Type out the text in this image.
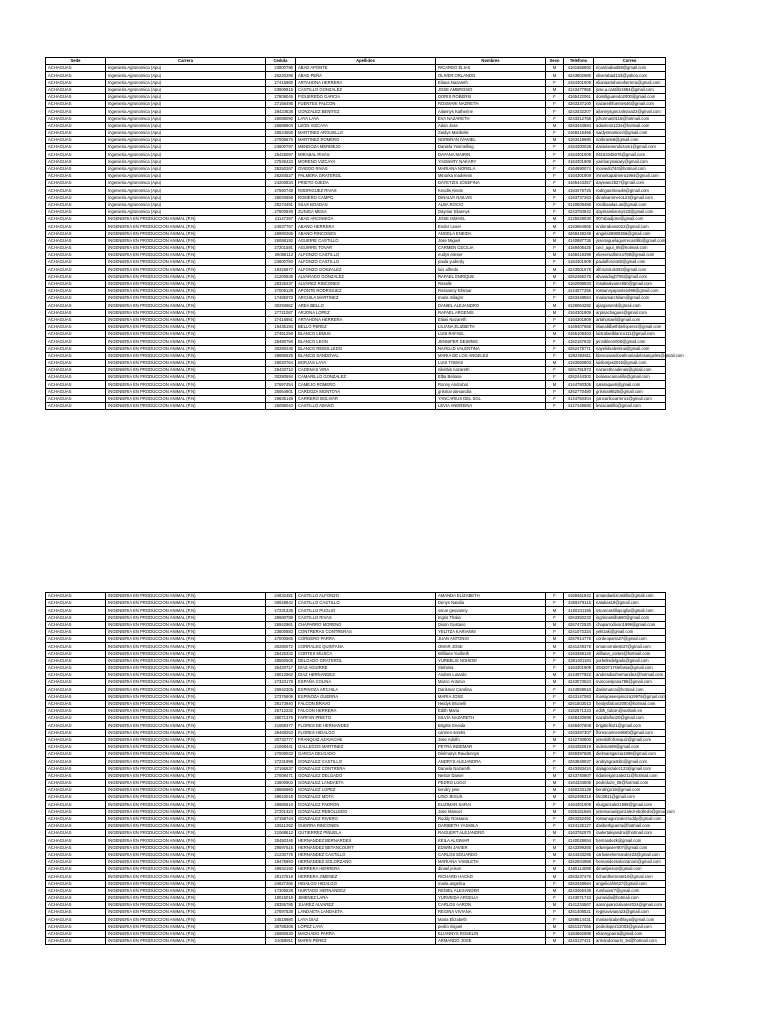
Sede	Carrera	Cedula	Apellidos	Nombres	Sexo	Telefono	Correo
ACHAGUAS	Ingenieria Agronomica (Apu)	23800795	ABAD APONTE	RICARDO ELIAS	M	4161556892	ricardoabad89@gmail.com
ACHAGUAS	Ingenieria Agronomica (Apu)	26220296	ABAD PEÑA	OLIVER ORLANDO	M	4243802985	oliverabad133@yahoo.com
ACHAGUAS	Ingenieria Agronomica (Apu)	27416980	ARTAHONA HERRERA	Eliana Nazareth	F	4164301909	elianaartahonaherrera@gmail.com
ACHAGUAS	Ingenieria Agronomica (Apu)	23600815	CASTILLO GONZALEZ	JOSE AMBROSIO	M	4143477955	jose.a.castillo1994@gmail.com
ACHAGUAS	Ingenieria Agronomica (Apu)	27808045	FIGUEREDO GARCIA	DORIS ROBERSI	F	4165422061	dorisfiguaredo2000@gmail.com
ACHAGUAS	Ingenieria Agronomica (Apu)	27156495	FUENTES FALCON	ROSMARI NAZRETH	F	4263337100	nazarethfuentes46@gmail.com
ACHAGUAS	Ingenieria Agronomica (Apu)	28423638	GONZALEZ BENITEZ	Ailannys Katherine	F	4243432207	ailannysgonzalezaa22@gmail.com
ACHAGUAS	Ingenieria Agronomica (Apu)	26088090	LAYA LAYA	EVA NAZARETH	F	4243312768	jchorman0115@hotmail.com
ACHAGUAS	Ingenieria Agronomica (Apu)	25888804	LEON VIZCAYA	Adan Jose	M	4263444884	adanleon1234@hotmail.com
ACHAGUAS	Ingenieria Agronomica (Apu)	25524556	MARTINEZ ARGUELLO	Saidys Maribelis	F	4168415465	saidysmartinez@gmail.com
ACHAGUAS	Ingenieria Agronomica (Apu)	27006675	MARTINEZ ROMERO	NORBRAN IVANIEL	M	4163418680	norbran68@gmail.com
ACHAGUAS	Ingenieria Agronomica (Apu)	23600797	MENDOZA MERMEJO	Daniela Yusmelling	F	4164300028	danielamendozam1@gmail.com
ACHAGUAS	Ingenieria Agronomica (Apu)	25426097	MIRABAL RIVAS	DAYANA MAIRIN	F	4164301909	04163345076@gmail.com
ACHAGUAS	Ingenieria Agronomica (Apu)	27526423	MORENO VIZCAYA	YASMARY NAKARY	F	4164301909	yasmarynakary@gmail.com
ACHAGUAS	Ingenieria Agronomica (Apu)	25250267	OVIEDO RIVAS	MARIANA NORELA	F	4164690074	moviedo740@hotmail.com
ACHAGUAS	Ingenieria Agronomica (Apu)	26284527	PALMERA GRATEROL	Minorka madeleini	F	4164301909	minorkapalmera1994@gmail.com
ACHAGUAS	Ingenieria Agronomica (Apu)	24200834	PRIETO OJEDA	DAYETZIS JOSEFINA	F	4165443357	dayewin2527@gmail.com
ACHAGUAS	Ingenieria Agronomica (Apu)	27560748	RODRIGUEZ RIVAS	Keudis Alexis	M	4163475725	rodriguezkeudis@gmail.com
ACHAGUAS	Ingenieria Agronomica (Apu)	28020656	ROMERO CAMPO	DINALVA NAILVIS	F	4163737263	dinalvaromero123@gmail.com
ACHAGUAS	Ingenieria Agronomica (Apu)	28274491	SILVA BOADAS	ALBA ROCIO	F	4140509486	rociiboadas.as@gmail.com
ACHAGUAS	Ingenieria Agronomica (Apu)	27800849	ZUNIGA MESA	Daymar Eliannys	F	4243784842	daymareliannys23@gmail.com
ACHAGUAS	INGENIERIA EN PRODUCCION ANIMAL (P.N)	21147287	ABAD ARCINIEGA	JOSE ISMAEL	M	4125028030	007abadjose@gmail.com
ACHAGUAS	INGENIERIA EN PRODUCCION ANIMAL (P.N)	24937767	ABANO HERRERA	Ender Leoer	M	4163664665	enderabano022@gmail.com
ACHAGUAS	INGENIERIA EN PRODUCCION ANIMAL (P.N)	26980266	ABANO RINCONES	ANGELA ENEIDA	F	4268449249	angela26980266@gmail.com
ACHAGUAS	INGENIERIA EN PRODUCCION ANIMAL (P.N)	26088192	AGUIRRE CASTILLO	Jose Miguel	M	4140887736	josemiguelaguirrecastillo@gmail.com
ACHAGUAS	INGENIERIA EN PRODUCCION ANIMAL (P.N)	27201591	AGUIRRE TOVAR	CARMEN CECILIA	F	4169405426	ceci_agui_95@hotmail.com
ACHAGUAS	INGENIERIA EN PRODUCCION ANIMAL (P.N)	26088113	ALFONZO CASTILLO	eudys elieser	M	4168419399	eliesersalfonzo789@gmail.com
ACHAGUAS	INGENIERIA EN PRODUCCION ANIMAL (P.N)	23600750	ALFONZO CASTILLO	paula yuderdy	F	4164301909	paulalfonzo60@gmail.com
ACHAGUAS	INGENIERIA EN PRODUCCION ANIMAL (P.N)	19326877	ALFONZO GONZALEZ	luis alfredo	M	4243501678	alfonzoluis392@gmail.com
ACHAGUAS	INGENIERIA EN PRODUCCION ANIMAL (P.N)	21200535	ALVARADO GONZALEZ	RAFAEL ENRIQUE	M	4262455275	alvaradog0705@gmail.com
ACHAGUAS	INGENIERIA EN PRODUCCION ANIMAL (P.N)	28326437	ALVAREZ RINCONES	Rosalis	F	4162099933	rosalisalvarez850@gmail.com
ACHAGUAS	INGENIERIA EN PRODUCCION ANIMAL (P.N)	27009129	APONTE RODRIGUEZ	Rossanny Elismar	F	4144577256	rossannyaponte1998@gmail.com
ACHAGUAS	INGENIERIA EN PRODUCCION ANIMAL (P.N)	17485073	ARCHILA MARTINEZ	maria milagro	F	4263448564	mariamarchilam@gmail.com
ACHAGUAS	INGENIERIA EN PRODUCCION ANIMAL (P.N)	30293662	AREA BELLO	DANIEL ALEJANDRO	M	4126064282	ajargamerd@gmail.com
ACHAGUAS	INGENIERIA EN PRODUCCION ANIMAL (P.N)	27721087	ARJONA LOPEZ	RAFAEL ARGENIS	M	4164301909	arjonachagues@gmail.com
ACHAGUAS	INGENIERIA EN PRODUCCION ANIMAL (P.N)	27416981	ARTAHONA HERRERA	Eliani Nazareth	F	4164301909	artahonaeli@gmail.com
ACHAGUAS	INGENIERIA EN PRODUCCION ANIMAL (P.N)	19436194	BELLO PEREZ	LILIANA ELIZBETH	F	4169407568	lilianalilibethbelloperez@gmail.com
ACHAGUAS	INGENIERIA EN PRODUCCION ANIMAL (P.N)	27461256	BLANCO LEMUS	LUIS RAFAEL	M	4165109403	luisrafaelblanco111@gmail.com
ACHAGUAS	INGENIERIA EN PRODUCCION ANIMAL (P.N)	28480756	BLANCO LEON	JENNIFER DESIREE	F	4162167632	jennibleon008@gmail.com
ACHAGUAS	INGENIERIA EN PRODUCCION ANIMAL (P.N)	30280236	BLANCO REBOLLEDO	NAYELID VALENTINA	F	4262478771	nayelidvalentina@gmail.com
ACHAGUAS	INGENIERIA EN PRODUCCION ANIMAL (P.N)	28680625	BLANCO SANDOVAL	MARIA DE LOS ANGELES	F	4262494811	blancosandovalmariadelosangeles@gmail.com
ACHAGUAS	INGENIERIA EN PRODUCCION ANIMAL (P.N)	28020764	BORJAS LAYA	LUIS TOMAS	M	4163060803	luisborjas2016@gmail.com
ACHAGUAS	INGENIERIA EN PRODUCCION ANIMAL (P.N)	26433710	CADENAS VIRA	nileithis nazareth	F	4261781973	nazarethcadenas@gmail.com
ACHAGUAS	INGENIERIA EN PRODUCCION ANIMAL (P.N)	30280594	CAMARILLO GONZALEZ	Elba Beliana	F	4262444302	belianacamarillo@gmail.com
ACHAGUAS	INGENIERIA EN PRODUCCION ANIMAL (P.N)	27697454	CAMEJO ROMERO	Ronny Andrubal	M	4144780306	cateraque6@gmail.com
ACHAGUAS	INGENIERIA EN PRODUCCION ANIMAL (P.N)	25064901	CARDOZA MONTOYA	grismar alexandra	F	4262770480	grismar9825@gmail.com
ACHAGUAS	INGENIERIA EN PRODUCCION ANIMAL (P.N)	29835149	CARRERO BOLIVAR	YANCARIUS DEL SOL	F	4144750304	yancarilocarrero1@gmail.com
ACHAGUAS	INGENIERIA EN PRODUCCION ANIMAL (P.N)	26088043	CASTILLO ABANO	LEVIA ANDREINA	F	4127448692	leviacastillo@gmail.com
ACHAGUAS	INGENIERIA EN PRODUCCION ANIMAL (P.N)	24632481	CASTILLO ALFONZO	AMANDA ELIZABETH	F	4169461842	amandaelizcastillo@gmail.com
ACHAGUAS	INGENIERIA EN PRODUCCION ANIMAL (P.N)	30648842	CASTILLO CASTILLO	Denys Natalia	F	4269479115	natakas19@gmail.com
ACHAGUAS	INGENIERIA EN PRODUCCION ANIMAL (P.N)	27231335	CASTILLO PUGLIO	oscar geovanny	M	4160241156	oscarcastillopuglio@gmail.com
ACHAGUAS	INGENIERIA EN PRODUCCION ANIMAL (P.N)	28680788	CASTILLO RIVAS	Ingris Thalia	F	4263350233	ingriscastillo680@gmail.com
ACHAGUAS	INGENIERIA EN PRODUCCION ANIMAL (P.N)	26942961	CHAPARRO MORENO	Dixon Gustavo	M	4267472520	chaparrodixon1999@gmail.com
ACHAGUAS	INGENIERIA EN PRODUCCION ANIMAL (P.N)	23600883	CONTRERAS CONTRERAS	YELITZA KARIANNI	F	4241072334	yelitzak@gmail.com
ACHAGUAS	INGENIERIA EN PRODUCCION ANIMAL (P.N)	27000665	CORDERO PARRA	JUAN ANTONIO	M	4267914778	cordeoparra27@gmail.com
ACHAGUAS	INGENIERIA EN PRODUCCION ANIMAL (P.N)	30280072	CORRALES QUINTANA	OMAR JOSE	M	4241249378	omarcorrales637@gmail.com
ACHAGUAS	INGENIERIA EN PRODUCCION ANIMAL (P.N)	28425332	CORTES MUJICA	Williana Yuribeth	F	4163488126	williana_cortes@hotmail.com
ACHAGUAS	INGENIERIA EN PRODUCCION ANIMAL (P.N)	28550506	DELGADO GRATEROL	YURBELIS NOHEMI	F	4261401184	yurbelisdelgado@gmail.com
ACHAGUAS	INGENIERIA EN PRODUCCION ANIMAL (P.N)	25420717	DIAZ AGUIRRE	Stefania	F	4164301909	25420717stefania@gmail.com
ACHAGUAS	INGENIERIA EN PRODUCCION ANIMAL (P.N)	28012562	DIAZ HERNANDEZ	Andres Lutardo	M	4144977922	andresdiazhernandez@hotmail.com
ACHAGUAS	INGENIERIA EN PRODUCCION ANIMAL (P.N)	27323178	ESPAÑA COLINA	Marco Antonio	M	4243073524	marcoespana789@gmail.com
ACHAGUAS	INGENIERIA EN PRODUCCION ANIMAL (P.N)	26942305	ESPINOZA ARCHILA	Darismar Carolina	F	4144559510	darismarca@hotmail.com
ACHAGUAS	INGENIERIA EN PRODUCCION ANIMAL (P.N)	27376606	ESPINOZA GUERRA	MARIA JOSE	F	4243147083	mariajoseespinoza19976@gmail.com
ACHAGUAS	INGENIERIA EN PRODUCCION ANIMAL (P.N)	28173940	FALCON BRAVO	Heidys Brunelli	F	4261503013	heidysfalcon2000@hotmail.com
ACHAGUAS	INGENIERIA EN PRODUCCION ANIMAL (P.N)	25712232	FALCON HERRERA	Edith Maria	F	4162571223	edith_falcon@outlook.es
ACHAGUAS	INGENIERIA EN PRODUCCION ANIMAL (P.N)	28071375	FARFAN PRIETO	SILVIA NAZARETH	F	4168420698	nazafarfan20@gmail.com
ACHAGUAS	INGENIERIA EN PRODUCCION ANIMAL (P.N)	21068377	FLORES DE HERNANDEZ	Brigitte Eneida	F	4169407608	brigitteflo21@gmail.com
ACHAGUAS	INGENIERIA EN PRODUCCION ANIMAL (P.N)	26468263	FLORES HIDALGO	carmen sorelis	F	4163487307	florescarmen9600@gmail.com
ACHAGUAS	INGENIERIA EN PRODUCCION ANIMAL (P.N)	30732777	FRANQUIZ AZAVACHE	Jose Adolfo	M	4142730800	josedolfofranquiz@gmail.com
ACHAGUAS	INGENIERIA EN PRODUCCION ANIMAL (P.N)	21068441	GALLEGOS MARTINEZ	PETRA INDEMAR	F	4164352819	indemar89@gmail.com
ACHAGUAS	INGENIERIA EN PRODUCCION ANIMAL (P.N)	27009033	GARCIA DELGADO	Dielmarys Raudennys	F	4269397589	dielmarsgarcia1998@gmail.com
ACHAGUAS	INGENIERIA EN PRODUCCION ANIMAL (P.N)	27231998	GONZALEZ CASTILLO	ANDRYS ALEJANDRA	F	4263848937	andrysgcastillo@gmail.com
ACHAGUAS	INGENIERIA EN PRODUCCION ANIMAL (P.N)	27156537	GONZALEZ CONTRERA	Daniela Nazareth	F	4243483424	dalagonzalez123@gmail.com
ACHAGUAS	INGENIERIA EN PRODUCCION ANIMAL (P.N)	27009471	GONZALEZ DELGADO	Nestor Daniel	M	4243740907	ndanielgonzalez11@hotmail.com
ACHAGUAS	INGENIERIA EN PRODUCCION ANIMAL (P.N)	23600903	GONZALEZ LANDAETA	PEDRO LUGO	M	4164334505	pedroluzo_05@hotmail.com
ACHAGUAS	INGENIERIA EN PRODUCCION ANIMAL (P.N)	28680660	GONZALEZ LOPEZ	kendry jose	M	4160233139	kendrigo19@gmail.com
ACHAGUAS	INGENIERIA EN PRODUCCION ANIMAL (P.N)	28610018	GONZALEZ MOTA	LINO JESUS	M	4262495318	lino3611@gmail.com
ACHAGUAS	INGENIERIA EN PRODUCCION ANIMAL (P.N)	26980610	GONZALEZ PADRON	ELIZIMAR SARAI	F	4164301909	eluigonzalez1998@gmail.com
ACHAGUAS	INGENIERIA EN PRODUCCION ANIMAL (P.N)	27201424	GONZALEZ REBOLLEDO	Jose Manuel	M	4165151684	josemanuelgonzalezrebolledo@gmail.com
ACHAGUAS	INGENIERIA EN PRODUCCION ANIMAL (P.N)	27158744	GONZALEZ RIVERO	Ruddy Rossana	F	4263252492	rossanagonzalezruddy@gmail.com
ACHAGUAS	INGENIERIA EN PRODUCCION ANIMAL (P.N)	16511262	GUERRA RINCONES	DARIBETH YASMILA	F	4124125127	daribethguerra@hotmail.com
ACHAGUAS	INGENIERIA EN PRODUCCION ANIMAL (P.N)	21068612	GUTIERREZ PIÑUELA	RAGUERT ALEJANDRO	M	4163762970	raulertalejandro@hotmail.com
ACHAGUAS	INGENIERIA EN PRODUCCION ANIMAL (P.N)	30450346	HERNANDEZ BERNARDES	KEILA ALGIMAR	F	4140028654	hernandezk@gmail.com
ACHAGUAS	INGENIERIA EN PRODUCCION ANIMAL (P.N)	29597516	HERNANDEZ BETANCOURT	EDWIN JAVIER	M	4243399265	edwinjavier907@gmail.com
ACHAGUAS	INGENIERIA EN PRODUCCION ANIMAL (P.N)	21230776	HERNANDEZ CASTILLO	CARLOS EDUARDO	M	4244433295	carloseehernandez22@gmail.com
ACHAGUAS	INGENIERIA EN PRODUCCION ANIMAL (P.N)	19475893	HERNANDEZ SOLORZANO	MARIANA YAMILETH	F	4262934956	hernandezsolorzanom@gmail.com
ACHAGUAS	INGENIERIA EN PRODUCCION ANIMAL (P.N)	29934192	HERRERA HERRERA	dinael jeison	M	4165114089	dinaeljeison@gmail.com
ACHAGUAS	INGENIERIA EN PRODUCCION ANIMAL (P.N)	28147518	HERRERA JIMENEZ	RICHARD HACKD	M	4263237476	richardherrera810@gmail.com
ACHAGUAS	INGENIERIA EN PRODUCCION ANIMAL (P.N)	24627266	HIDALGO HIDALGO	maria angelica	F	4263448564	angelicahh627@gmail.com
ACHAGUAS	INGENIERIA EN PRODUCCION ANIMAL (P.N)	17305528	HURTADO HERNANDEZ	RENIEL ALEXANDER	M	4243465438	rumbaosr7@gmail.com
ACHAGUAS	INGENIERIA EN PRODUCCION ANIMAL (P.N)	18015018	JIMENEZ LARA	YURVEIDA ARGELIA	F	4143071743	yurveida@hotmail.com
ACHAGUAS	INGENIERIA EN PRODUCCION ANIMAL (P.N)	28355785	JUAREZ ALVAREZ	CARLOS AARON	M	4141234567	aaronjuarezalvarez024@gmail.com
ACHAGUAS	INGENIERIA EN PRODUCCION ANIMAL (P.N)	27697538	LANDAETA LANDAETA	REGINA VIVIANA	F	4261408521	reginaviviana23@gmail.com
ACHAGUAS	INGENIERIA EN PRODUCCION ANIMAL (P.N)	24518980	LAYA DIAZ	Maria Elizabeth	F	4269514431	mariaelizabethlaya@gmail.com
ACHAGUAS	INGENIERIA EN PRODUCCION ANIMAL (P.N)	30788308	LOPEZ LAYA	pedro miguel	M	4261327055	pedrolopez12003@gmail.com
ACHAGUAS	INGENIERIA EN PRODUCCION ANIMAL (P.N)	26980630	MACHADO PARRA	ELIANNYS ROSELIN	F	4164662695	eliannyparra@gmail.com
ACHAGUAS	INGENIERIA EN PRODUCCION ANIMAL (P.N)	21068811	MARIN PEREZ	ARMANDO JOSE	M	4243137421	armandomarin_94@hotmail.com
